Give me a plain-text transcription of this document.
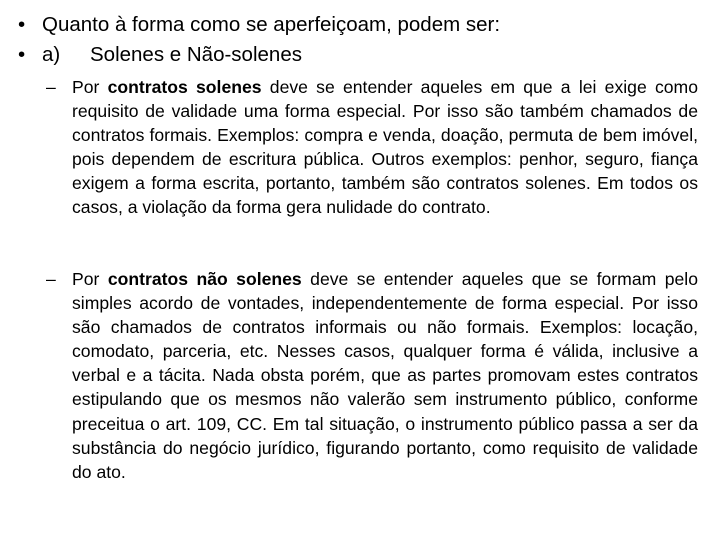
• Quanto à forma como se aperfeiçoam, podem ser:
• a) Solenes e Não-solenes
– Por contratos solenes deve se entender aqueles em que a lei exige como requisito de validade uma forma especial. Por isso são também chamados de contratos formais. Exemplos: compra e venda, doação, permuta de bem imóvel, pois dependem de escritura pública. Outros exemplos: penhor, seguro, fiança exigem a forma escrita, portanto, também são contratos solenes. Em todos os casos, a violação da forma gera nulidade do contrato.
– Por contratos não solenes deve se entender aqueles que se formam pelo simples acordo de vontades, independentemente de forma especial. Por isso são chamados de contratos informais ou não formais. Exemplos: locação, comodato, parceria, etc. Nesses casos, qualquer forma é válida, inclusive a verbal e a tácita. Nada obsta porém, que as partes promovam estes contratos estipulando que os mesmos não valerão sem instrumento público, conforme preceitua o art. 109, CC. Em tal situação, o instrumento público passa a ser da substância do negócio jurídico, figurando portanto, como requisito de validade do ato.
